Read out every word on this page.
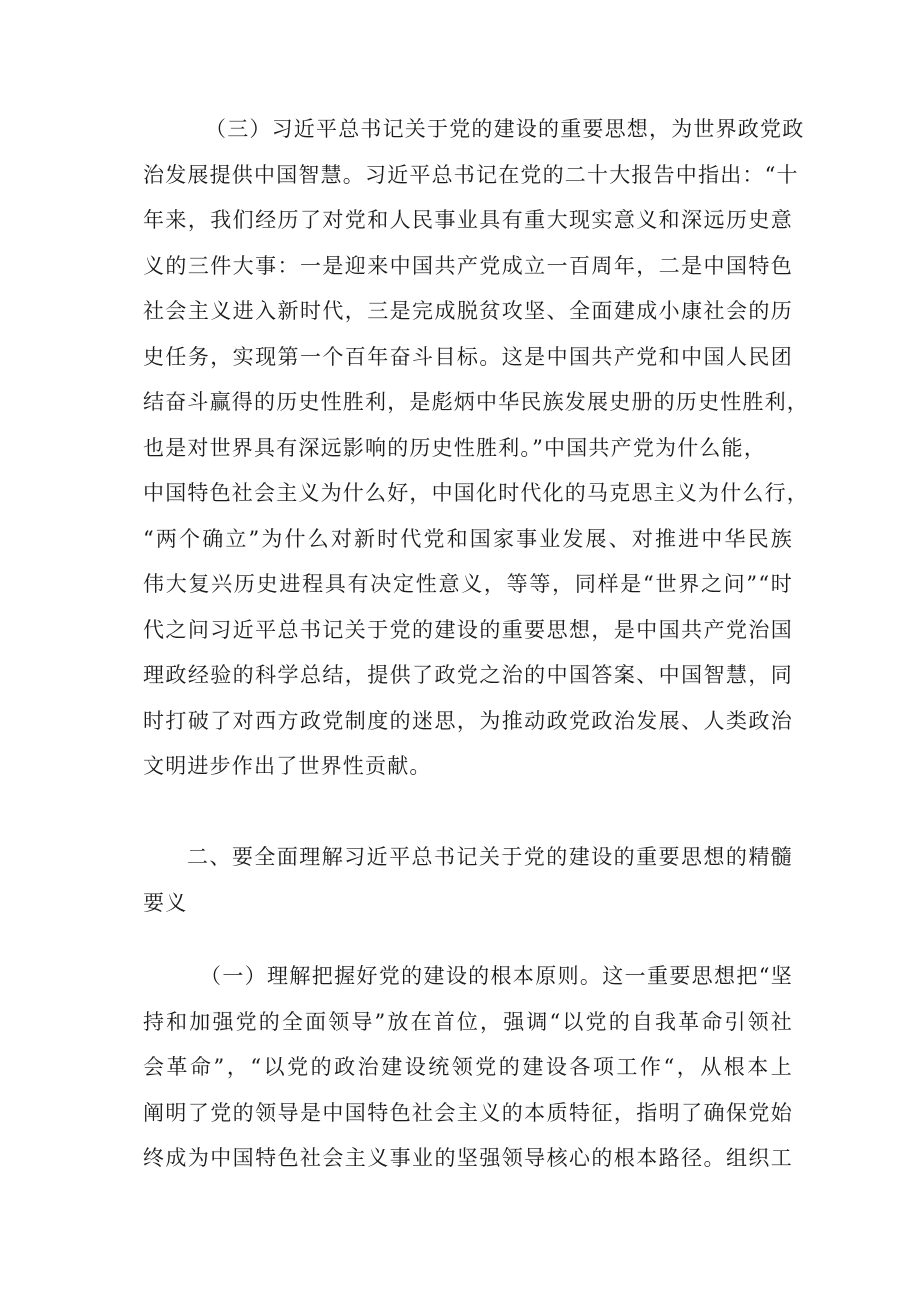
（三）习近平总书记关于党的建设的重要思想，为世界政党政
治发展提供中国智慧。习近平总书记在党的二十大报告中指出：“十
年来，我们经历了对党和人民事业具有重大现实意义和深远历史意
义的三件大事：一是迎来中国共产党成立一百周年，二是中国特色
社会主义进入新时代，三是完成脱贫攻坚、全面建成小康社会的历
史任务，实现第一个百年奋斗目标。这是中国共产党和中国人民团
结奋斗赢得的历史性胜利，是彪炳中华民族发展史册的历史性胜利，
也是对世界具有深远影响的历史性胜利。”中国共产党为什么能，
中国特色社会主义为什么好，中国化时代化的马克思主义为什么行，
“两个确立”为什么对新时代党和国家事业发展、对推进中华民族
伟大复兴历史进程具有决定性意义，等等，同样是“世界之问”“时
代之问习近平总书记关于党的建设的重要思想，是中国共产党治国
理政经验的科学总结，提供了政党之治的中国答案、中国智慧，同
时打破了对西方政党制度的迷思，为推动政党政治发展、人类政治
文明进步作出了世界性贡献。
二、要全面理解习近平总书记关于党的建设的重要思想的精髓
要义
（一）理解把握好党的建设的根本原则。这一重要思想把“坚
持和加强党的全面领导”放在首位，强调“以党的自我革命引领社
会革命”，“以党的政治建设统领党的建设各项工作“，从根本上
阐明了党的领导是中国特色社会主义的本质特征，指明了确保党始
终成为中国特色社会主义事业的坚强领导核心的根本路径。组织工
